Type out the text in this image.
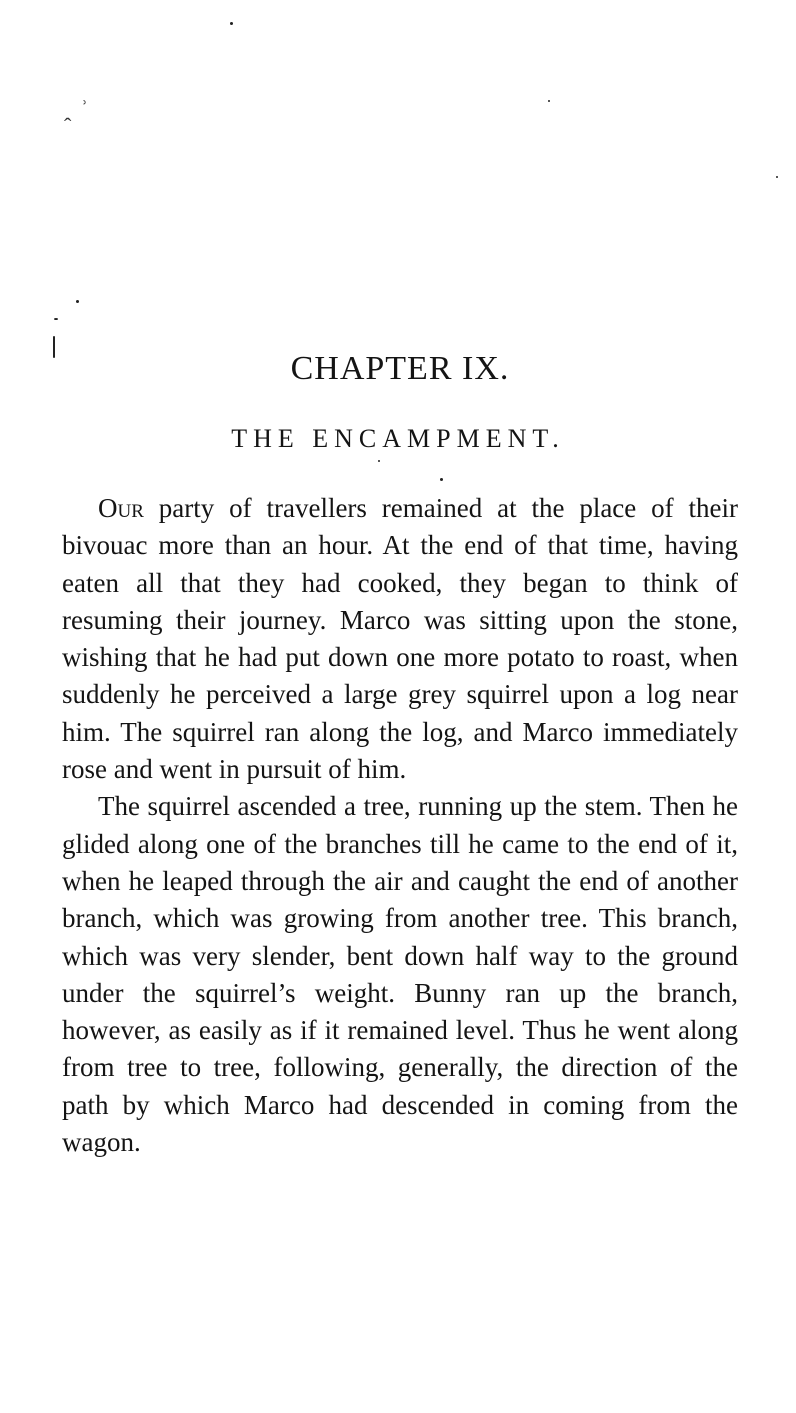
ꞈ ʾ
CHAPTER IX.
THE ENCAMPMENT.

Our party of travellers remained at the place of their bivouac more than an hour. At the end of that time, having eaten all that they had cooked, they began to think of resuming their journey. Marco was sitting upon the stone, wishing that he had put down one more potato to roast, when suddenly he perceived a large grey squirrel upon a log near him. The squirrel ran along the log, and Marco immediately rose and went in pursuit of him.

The squirrel ascended a tree, running up the stem. Then he glided along one of the branches till he came to the end of it, when he leaped through the air and caught the end of another branch, which was growing from another tree. This branch, which was very slender, bent down half way to the ground under the squirrel’s weight. Bunny ran up the branch, however, as easily as if it remained level. Thus he went along from tree to tree, following, generally, the direction of the path by which Marco had descended in coming from the wagon.
